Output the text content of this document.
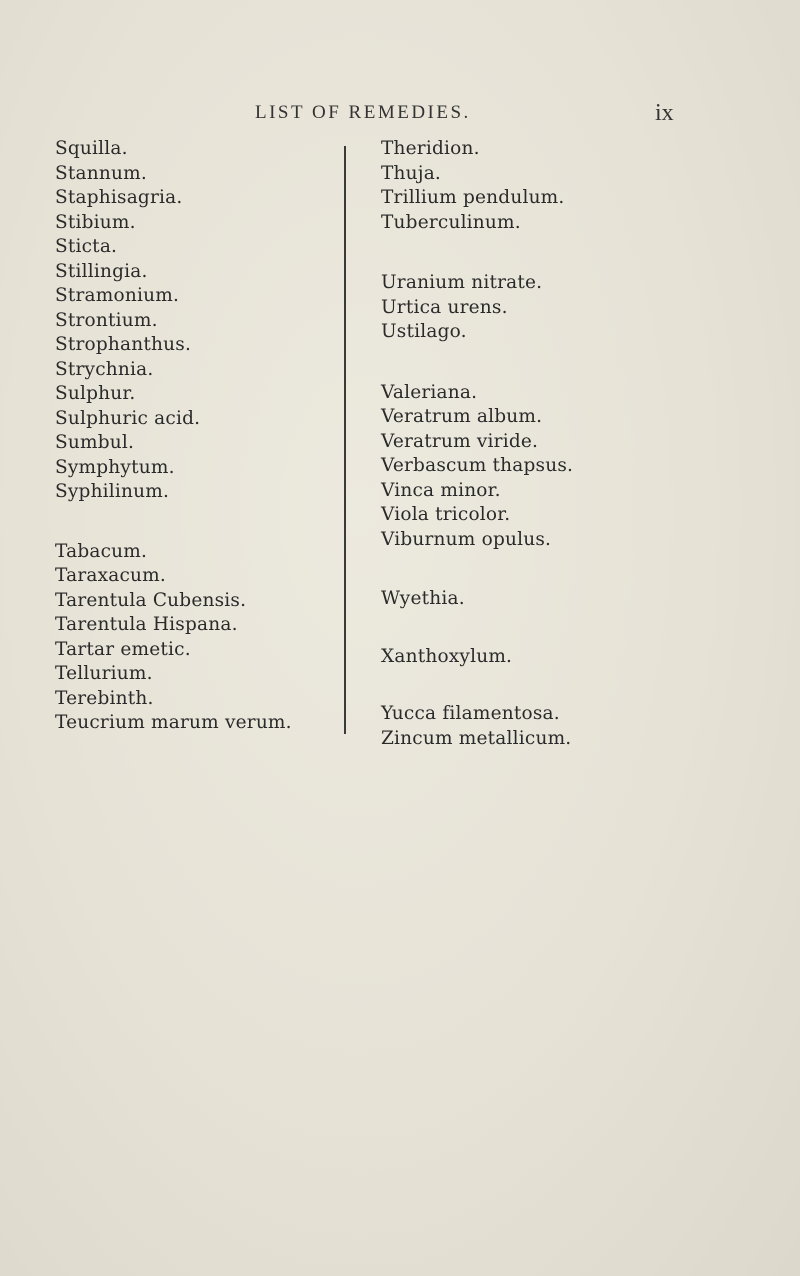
LIST OF REMEDIES.	ix
Squilla.
Stannum.
Staphisagria.
Stibium.
Sticta.
Stillingia.
Stramonium.
Strontium.
Strophanthus.
Strychnia.
Sulphur.
Sulphuric acid.
Sumbul.
Symphytum.
Syphilinum.
Tabacum.
Taraxacum.
Tarentula Cubensis.
Tarentula Hispana.
Tartar emetic.
Tellurium.
Terebinth.
Teucrium marum verum.
Theridion.
Thuja.
Trillium pendulum.
Tuberculinum.
Uranium nitrate.
Urtica urens.
Ustilago.
Valeriana.
Veratrum album.
Veratrum viride.
Verbascum thapsus.
Vinca minor.
Viola tricolor.
Viburnum opulus.
Wyethia.
Xanthoxylum.
Yucca filamentosa.
Zincum metallicum.
